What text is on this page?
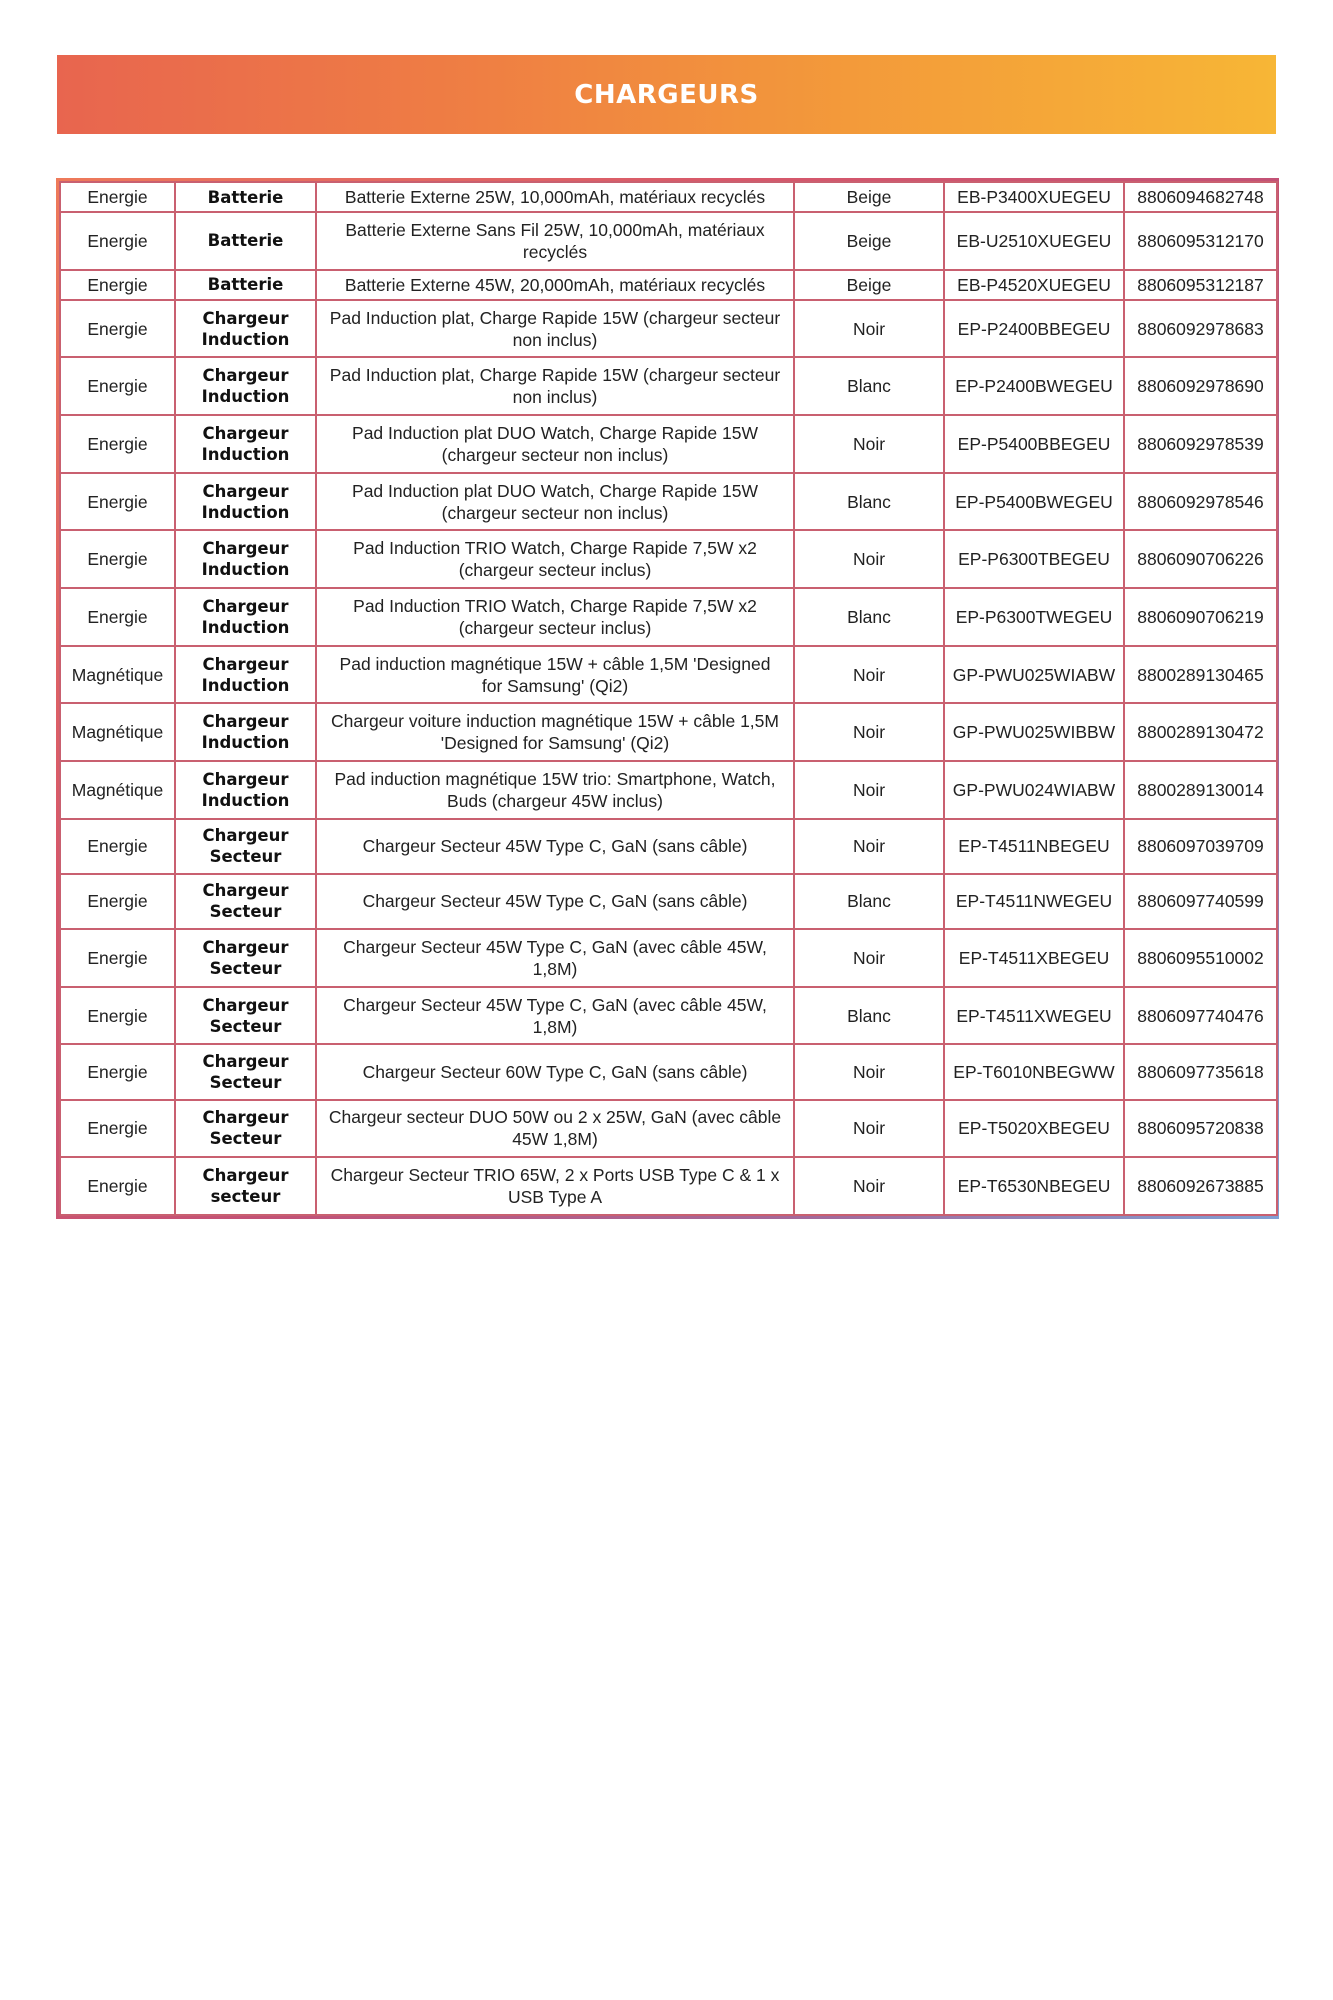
CHARGEURS
Energie	Batterie	Batterie Externe 25W, 10,000mAh, matériaux recyclés	Beige	EB-P3400XUEGEU	8806094682748
Energie	Batterie	Batterie Externe Sans Fil 25W, 10,000mAh, matériaux recyclés	Beige	EB-U2510XUEGEU	8806095312170
Energie	Batterie	Batterie Externe 45W, 20,000mAh, matériaux recyclés	Beige	EB-P4520XUEGEU	8806095312187
Energie	Chargeur Induction	Pad Induction plat, Charge Rapide 15W (chargeur secteur non inclus)	Noir	EP-P2400BBEGEU	8806092978683
Energie	Chargeur Induction	Pad Induction plat, Charge Rapide 15W (chargeur secteur non inclus)	Blanc	EP-P2400BWEGEU	8806092978690
Energie	Chargeur Induction	Pad Induction plat DUO Watch, Charge Rapide 15W (chargeur secteur non inclus)	Noir	EP-P5400BBEGEU	8806092978539
Energie	Chargeur Induction	Pad Induction plat DUO Watch, Charge Rapide 15W (chargeur secteur non inclus)	Blanc	EP-P5400BWEGEU	8806092978546
Energie	Chargeur Induction	Pad Induction TRIO Watch, Charge Rapide 7,5W x2 (chargeur secteur inclus)	Noir	EP-P6300TBEGEU	8806090706226
Energie	Chargeur Induction	Pad Induction TRIO Watch, Charge Rapide 7,5W x2 (chargeur secteur inclus)	Blanc	EP-P6300TWEGEU	8806090706219
Magnétique	Chargeur Induction	Pad induction magnétique 15W + câble 1,5M 'Designed for Samsung' (Qi2)	Noir	GP-PWU025WIABW	8800289130465
Magnétique	Chargeur Induction	Chargeur voiture induction magnétique 15W + câble 1,5M 'Designed for Samsung' (Qi2)	Noir	GP-PWU025WIBBW	8800289130472
Magnétique	Chargeur Induction	Pad induction magnétique 15W trio: Smartphone, Watch, Buds (chargeur 45W inclus)	Noir	GP-PWU024WIABW	8800289130014
Energie	Chargeur Secteur	Chargeur Secteur 45W Type C, GaN (sans câble)	Noir	EP-T4511NBEGEU	8806097039709
Energie	Chargeur Secteur	Chargeur Secteur 45W Type C, GaN (sans câble)	Blanc	EP-T4511NWEGEU	8806097740599
Energie	Chargeur Secteur	Chargeur Secteur 45W Type C, GaN (avec câble 45W, 1,8M)	Noir	EP-T4511XBEGEU	8806095510002
Energie	Chargeur Secteur	Chargeur Secteur 45W Type C, GaN (avec câble 45W, 1,8M)	Blanc	EP-T4511XWEGEU	8806097740476
Energie	Chargeur Secteur	Chargeur Secteur 60W Type C, GaN (sans câble)	Noir	EP-T6010NBEGWW	8806097735618
Energie	Chargeur Secteur	Chargeur secteur DUO 50W ou 2 x 25W, GaN (avec câble 45W 1,8M)	Noir	EP-T5020XBEGEU	8806095720838
Energie	Chargeur secteur	Chargeur Secteur TRIO 65W, 2 x Ports USB Type C & 1 x USB Type A	Noir	EP-T6530NBEGEU	8806092673885
